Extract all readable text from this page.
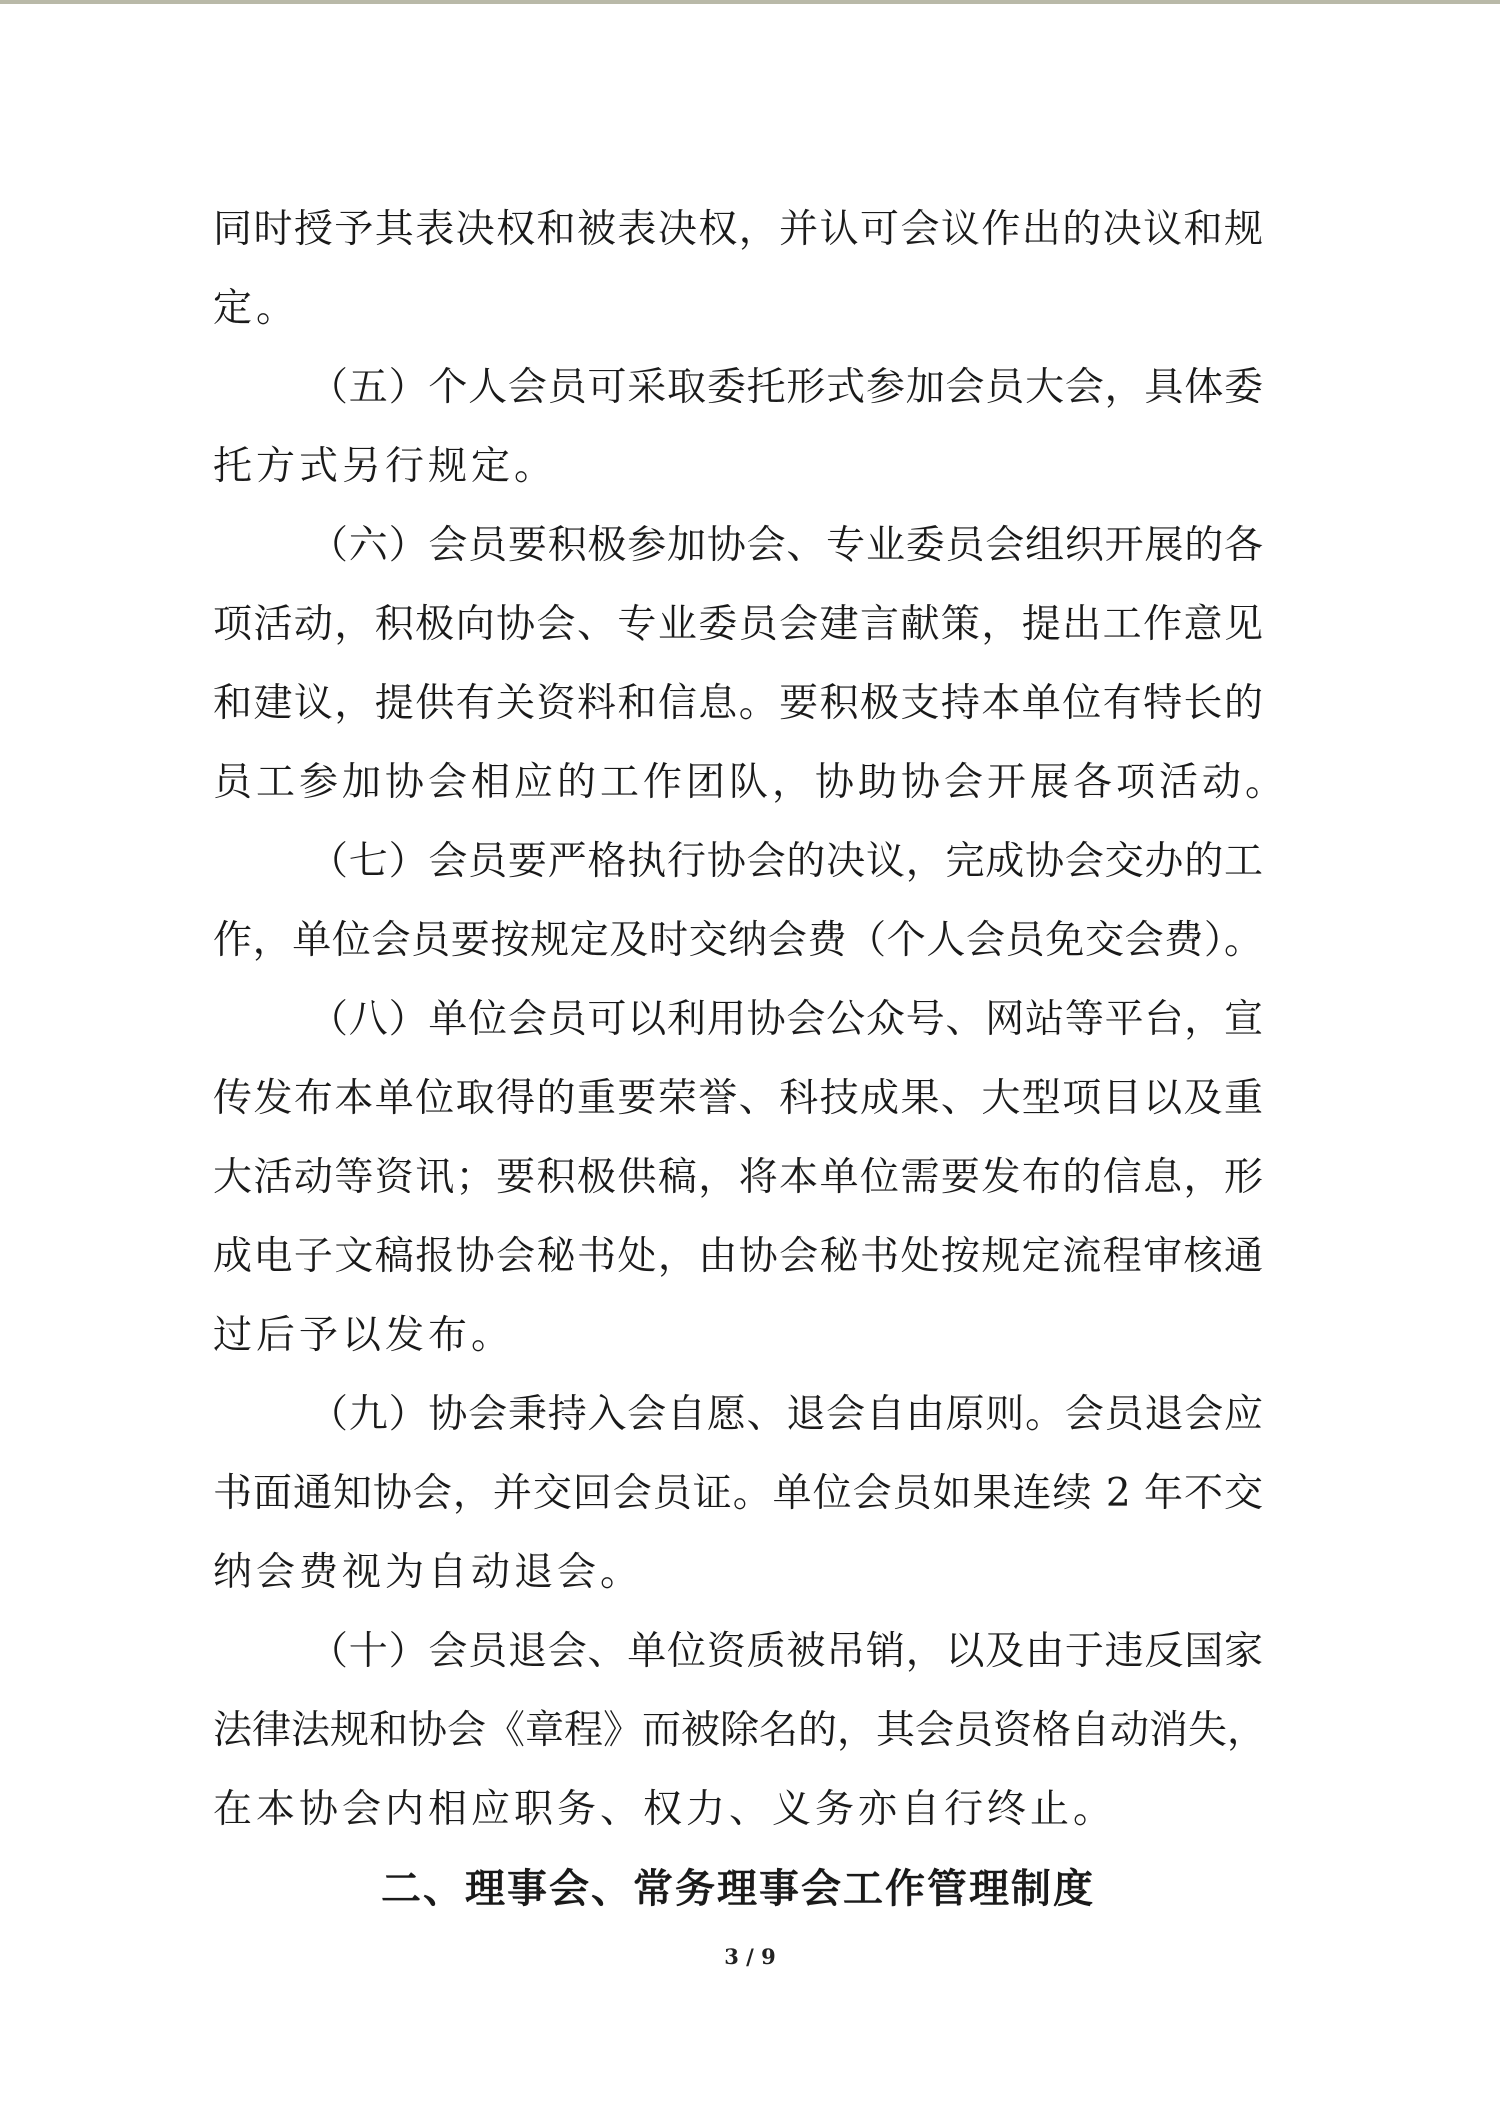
同时授予其表决权和被表决权，并认可会议作出的决议和规
定。
（五）个人会员可采取委托形式参加会员大会，具体委
托方式另行规定。
（六）会员要积极参加协会、专业委员会组织开展的各
项活动，积极向协会、专业委员会建言献策，提出工作意见
和建议，提供有关资料和信息。要积极支持本单位有特长的
员工参加协会相应的工作团队，协助协会开展各项活动。
（七）会员要严格执行协会的决议，完成协会交办的工
作，单位会员要按规定及时交纳会费（个人会员免交会费）。
（八）单位会员可以利用协会公众号、网站等平台，宣
传发布本单位取得的重要荣誉、科技成果、大型项目以及重
大活动等资讯；要积极供稿，将本单位需要发布的信息，形
成电子文稿报协会秘书处，由协会秘书处按规定流程审核通
过后予以发布。
（九）协会秉持入会自愿、退会自由原则。会员退会应
书面通知协会，并交回会员证。单位会员如果连续 2 年不交
纳会费视为自动退会。
（十）会员退会、单位资质被吊销，以及由于违反国家
法律法规和协会《章程》而被除名的，其会员资格自动消失，
在本协会内相应职务、权力、义务亦自行终止。
二、理事会、常务理事会工作管理制度
3 / 9
